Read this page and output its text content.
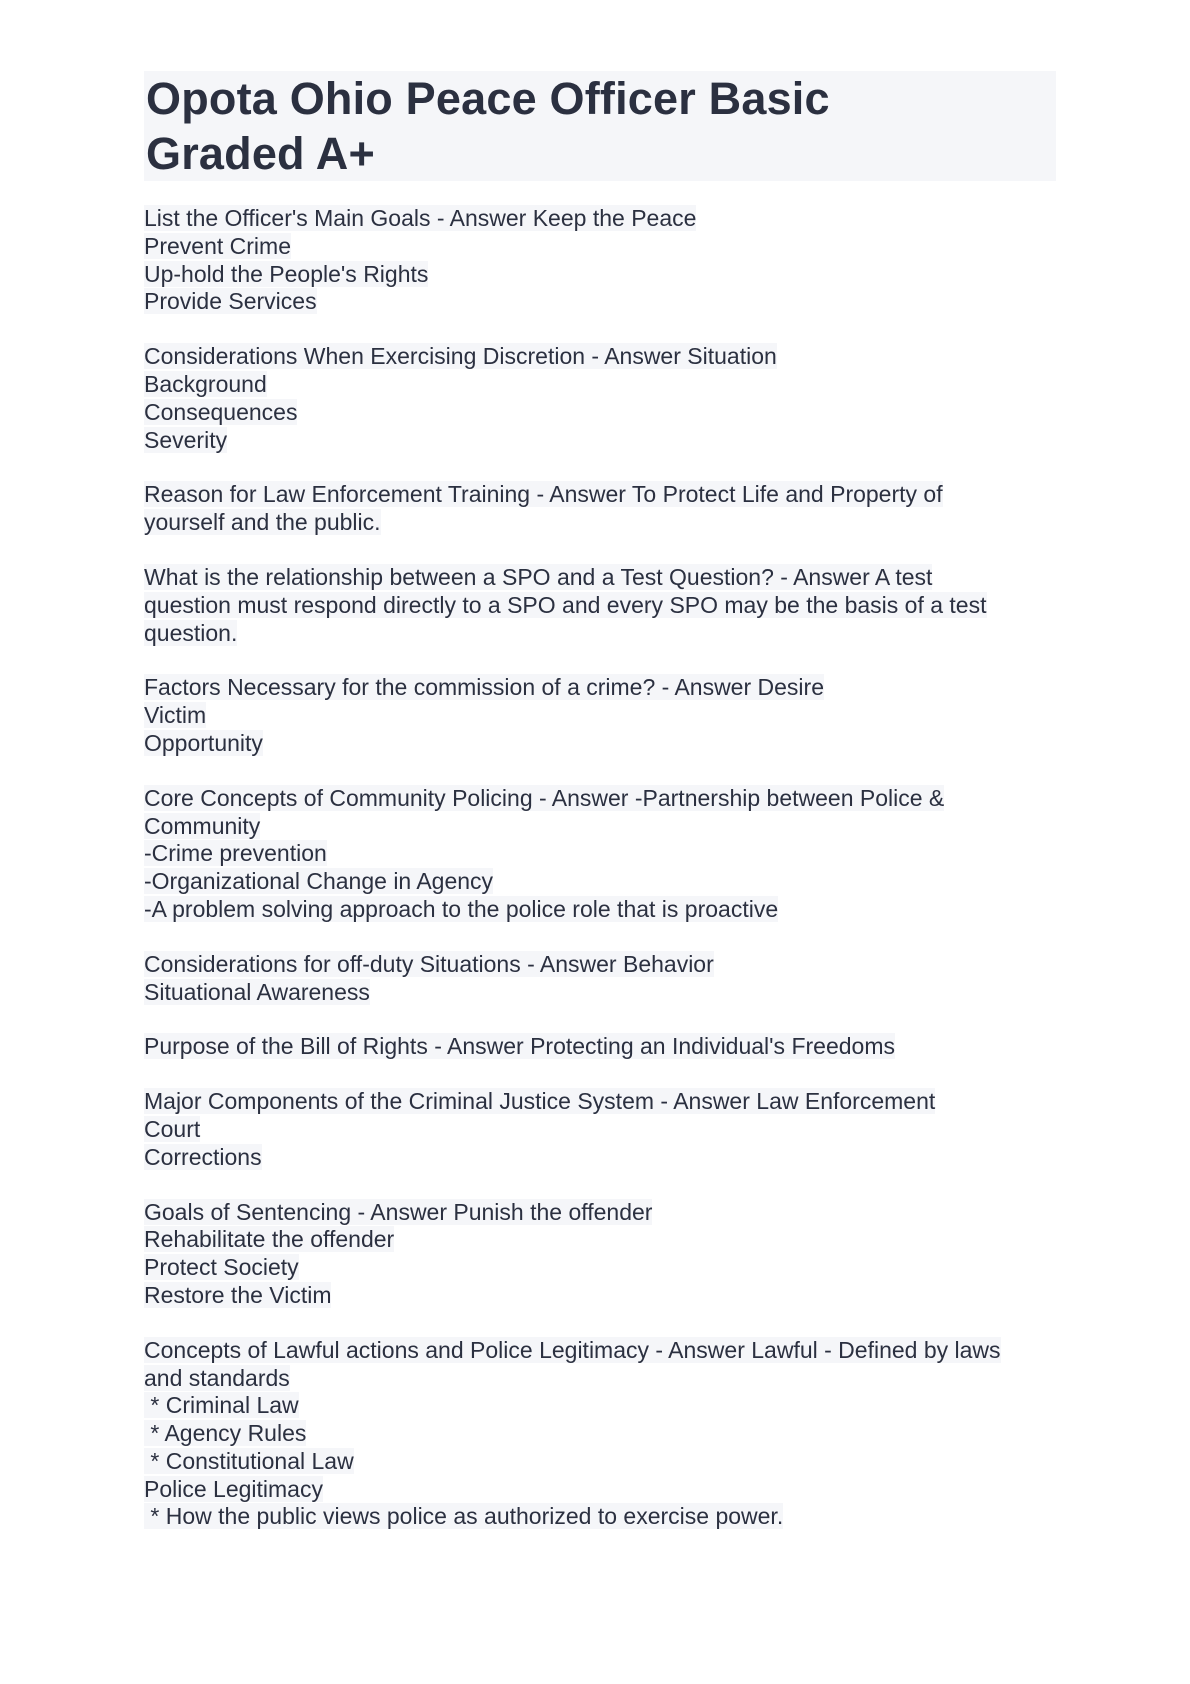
Opota Ohio Peace Officer Basic
Graded A+
List the Officer's Main Goals - Answer Keep the Peace
Prevent Crime
Up-hold the People's Rights
Provide Services
Considerations When Exercising Discretion - Answer Situation
Background
Consequences
Severity
Reason for Law Enforcement Training - Answer To Protect Life and Property of
yourself and the public.
What is the relationship between a SPO and a Test Question? - Answer A test
question must respond directly to a SPO and every SPO may be the basis of a test
question.
Factors Necessary for the commission of a crime? - Answer Desire
Victim
Opportunity
Core Concepts of Community Policing - Answer -Partnership between Police &
Community
-Crime prevention
-Organizational Change in Agency
-A problem solving approach to the police role that is proactive
Considerations for off-duty Situations - Answer Behavior
Situational Awareness
Purpose of the Bill of Rights - Answer Protecting an Individual's Freedoms
Major Components of the Criminal Justice System - Answer Law Enforcement
Court
Corrections
Goals of Sentencing - Answer Punish the offender
Rehabilitate the offender
Protect Society
Restore the Victim
Concepts of Lawful actions and Police Legitimacy - Answer Lawful - Defined by laws
and standards
* Criminal Law
* Agency Rules
* Constitutional Law
Police Legitimacy
* How the public views police as authorized to exercise power.
